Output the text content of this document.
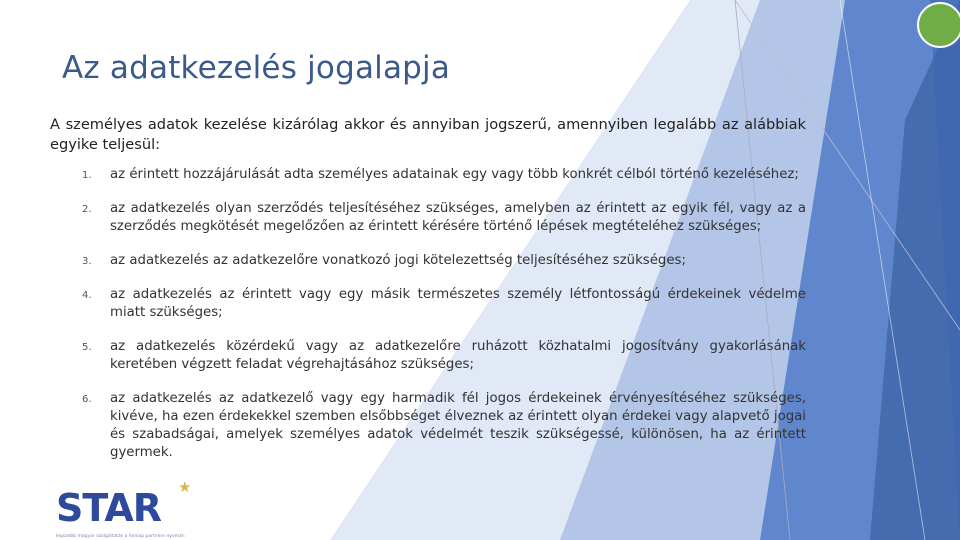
Az adatkezelés jogalapja

A személyes adatok kezelése kizárólag akkor és annyiban jogszerű, amennyiben legalább az alábbiak egyike teljesül:

1. az érintett hozzájárulását adta személyes adatainak egy vagy több konkrét célból történő kezeléséhez;
2. az adatkezelés olyan szerződés teljesítéséhez szükséges, amelyben az érintett az egyik fél, vagy az a szerződés megkötését megelőzően az érintett kérésére történő lépések megtételéhez szükséges;
3. az adatkezelés az adatkezelőre vonatkozó jogi kötelezettség teljesítéséhez szükséges;
4. az adatkezelés az érintett vagy egy másik természetes személy létfontosságú érdekeinek védelme miatt szükséges;
5. az adatkezelés közérdekű vagy az adatkezelőre ruházott közhatalmi jogosítvány gyakorlásának keretében végzett feladat végrehajtásához szükséges;
6. az adatkezelés az adatkezelő vagy egy harmadik fél jogos érdekeinek érvényesítéséhez szükséges, kivéve, ha ezen érdekekkel szemben elsőbbséget élveznek az érintett olyan érdekei vagy alapvető jogai és szabadságai, amelyek személyes adatok védelmét teszik szükségessé, különösen, ha az érintett gyermek.

STAR ★

legszebb magyar szolgáltatás a honlap partnere nyomán
